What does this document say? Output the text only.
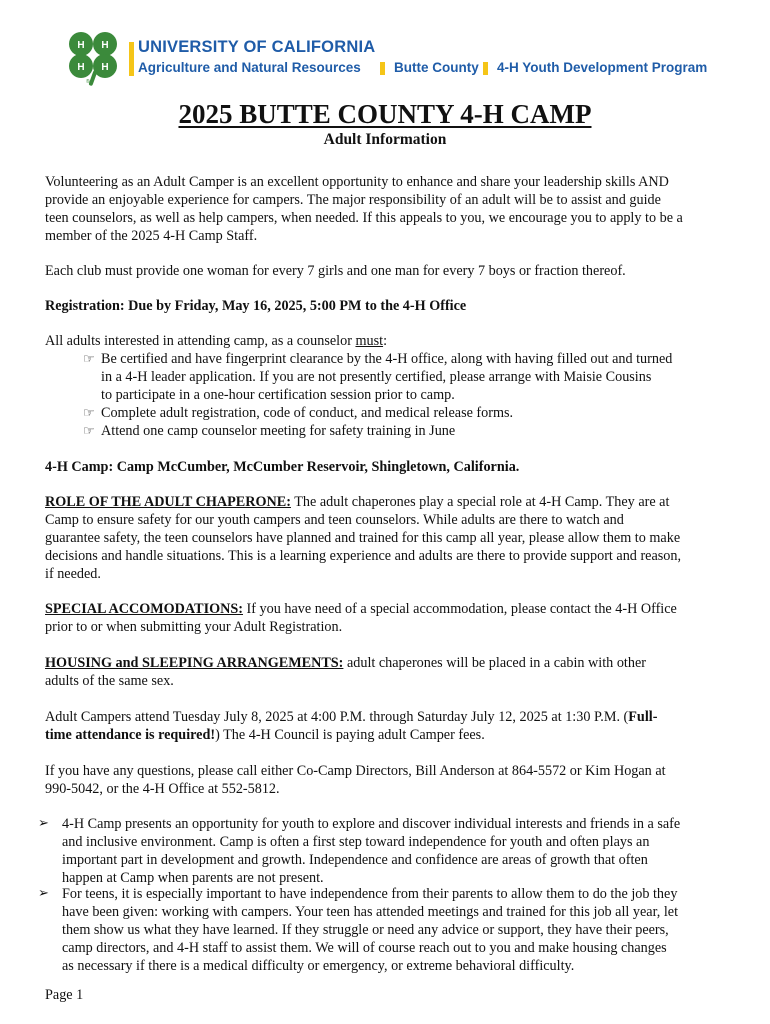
H H
H H
®
UNIVERSITY OF CALIFORNIA
Agriculture and Natural Resources Butte County 4-H Youth Development Program
2025 BUTTE COUNTY 4-H CAMP
Adult Information
Volunteering as an Adult Camper is an excellent opportunity to enhance and share your leadership skills AND
provide an enjoyable experience for campers. The major responsibility of an adult will be to assist and guide
teen counselors, as well as help campers, when needed. If this appeals to you, we encourage you to apply to be a
member of the 2025 4-H Camp Staff.
Each club must provide one woman for every 7 girls and one man for every 7 boys or fraction thereof.
Registration: Due by Friday, May 16, 2025, 5:00 PM to the 4-H Office
All adults interested in attending camp, as a counselor must:
☞ Be certified and have fingerprint clearance by the 4-H office, along with having filled out and turned
in a 4-H leader application. If you are not presently certified, please arrange with Maisie Cousins
to participate in a one-hour certification session prior to camp.
☞ Complete adult registration, code of conduct, and medical release forms.
☞ Attend one camp counselor meeting for safety training in June
4-H Camp: Camp McCumber, McCumber Reservoir, Shingletown, California.
ROLE OF THE ADULT CHAPERONE: The adult chaperones play a special role at 4-H Camp. They are at
Camp to ensure safety for our youth campers and teen counselors. While adults are there to watch and
guarantee safety, the teen counselors have planned and trained for this camp all year, please allow them to make
decisions and handle situations. This is a learning experience and adults are there to provide support and reason,
if needed.
SPECIAL ACCOMODATIONS: If you have need of a special accommodation, please contact the 4-H Office
prior to or when submitting your Adult Registration.
HOUSING and SLEEPING ARRANGEMENTS: adult chaperones will be placed in a cabin with other
adults of the same sex.
Adult Campers attend Tuesday July 8, 2025 at 4:00 P.M. through Saturday July 12, 2025 at 1:30 P.M. (Full-
time attendance is required!) The 4-H Council is paying adult Camper fees.
If you have any questions, please call either Co-Camp Directors, Bill Anderson at 864-5572 or Kim Hogan at
990-5042, or the 4-H Office at 552-5812.
➢ 4-H Camp presents an opportunity for youth to explore and discover individual interests and friends in a safe
and inclusive environment. Camp is often a first step toward independence for youth and often plays an
important part in development and growth. Independence and confidence are areas of growth that often
happen at Camp when parents are not present.
➢ For teens, it is especially important to have independence from their parents to allow them to do the job they
have been given: working with campers. Your teen has attended meetings and trained for this job all year, let
them show us what they have learned. If they struggle or need any advice or support, they have their peers,
camp directors, and 4-H staff to assist them. We will of course reach out to you and make housing changes
as necessary if there is a medical difficulty or emergency, or extreme behavioral difficulty.
Page 1
